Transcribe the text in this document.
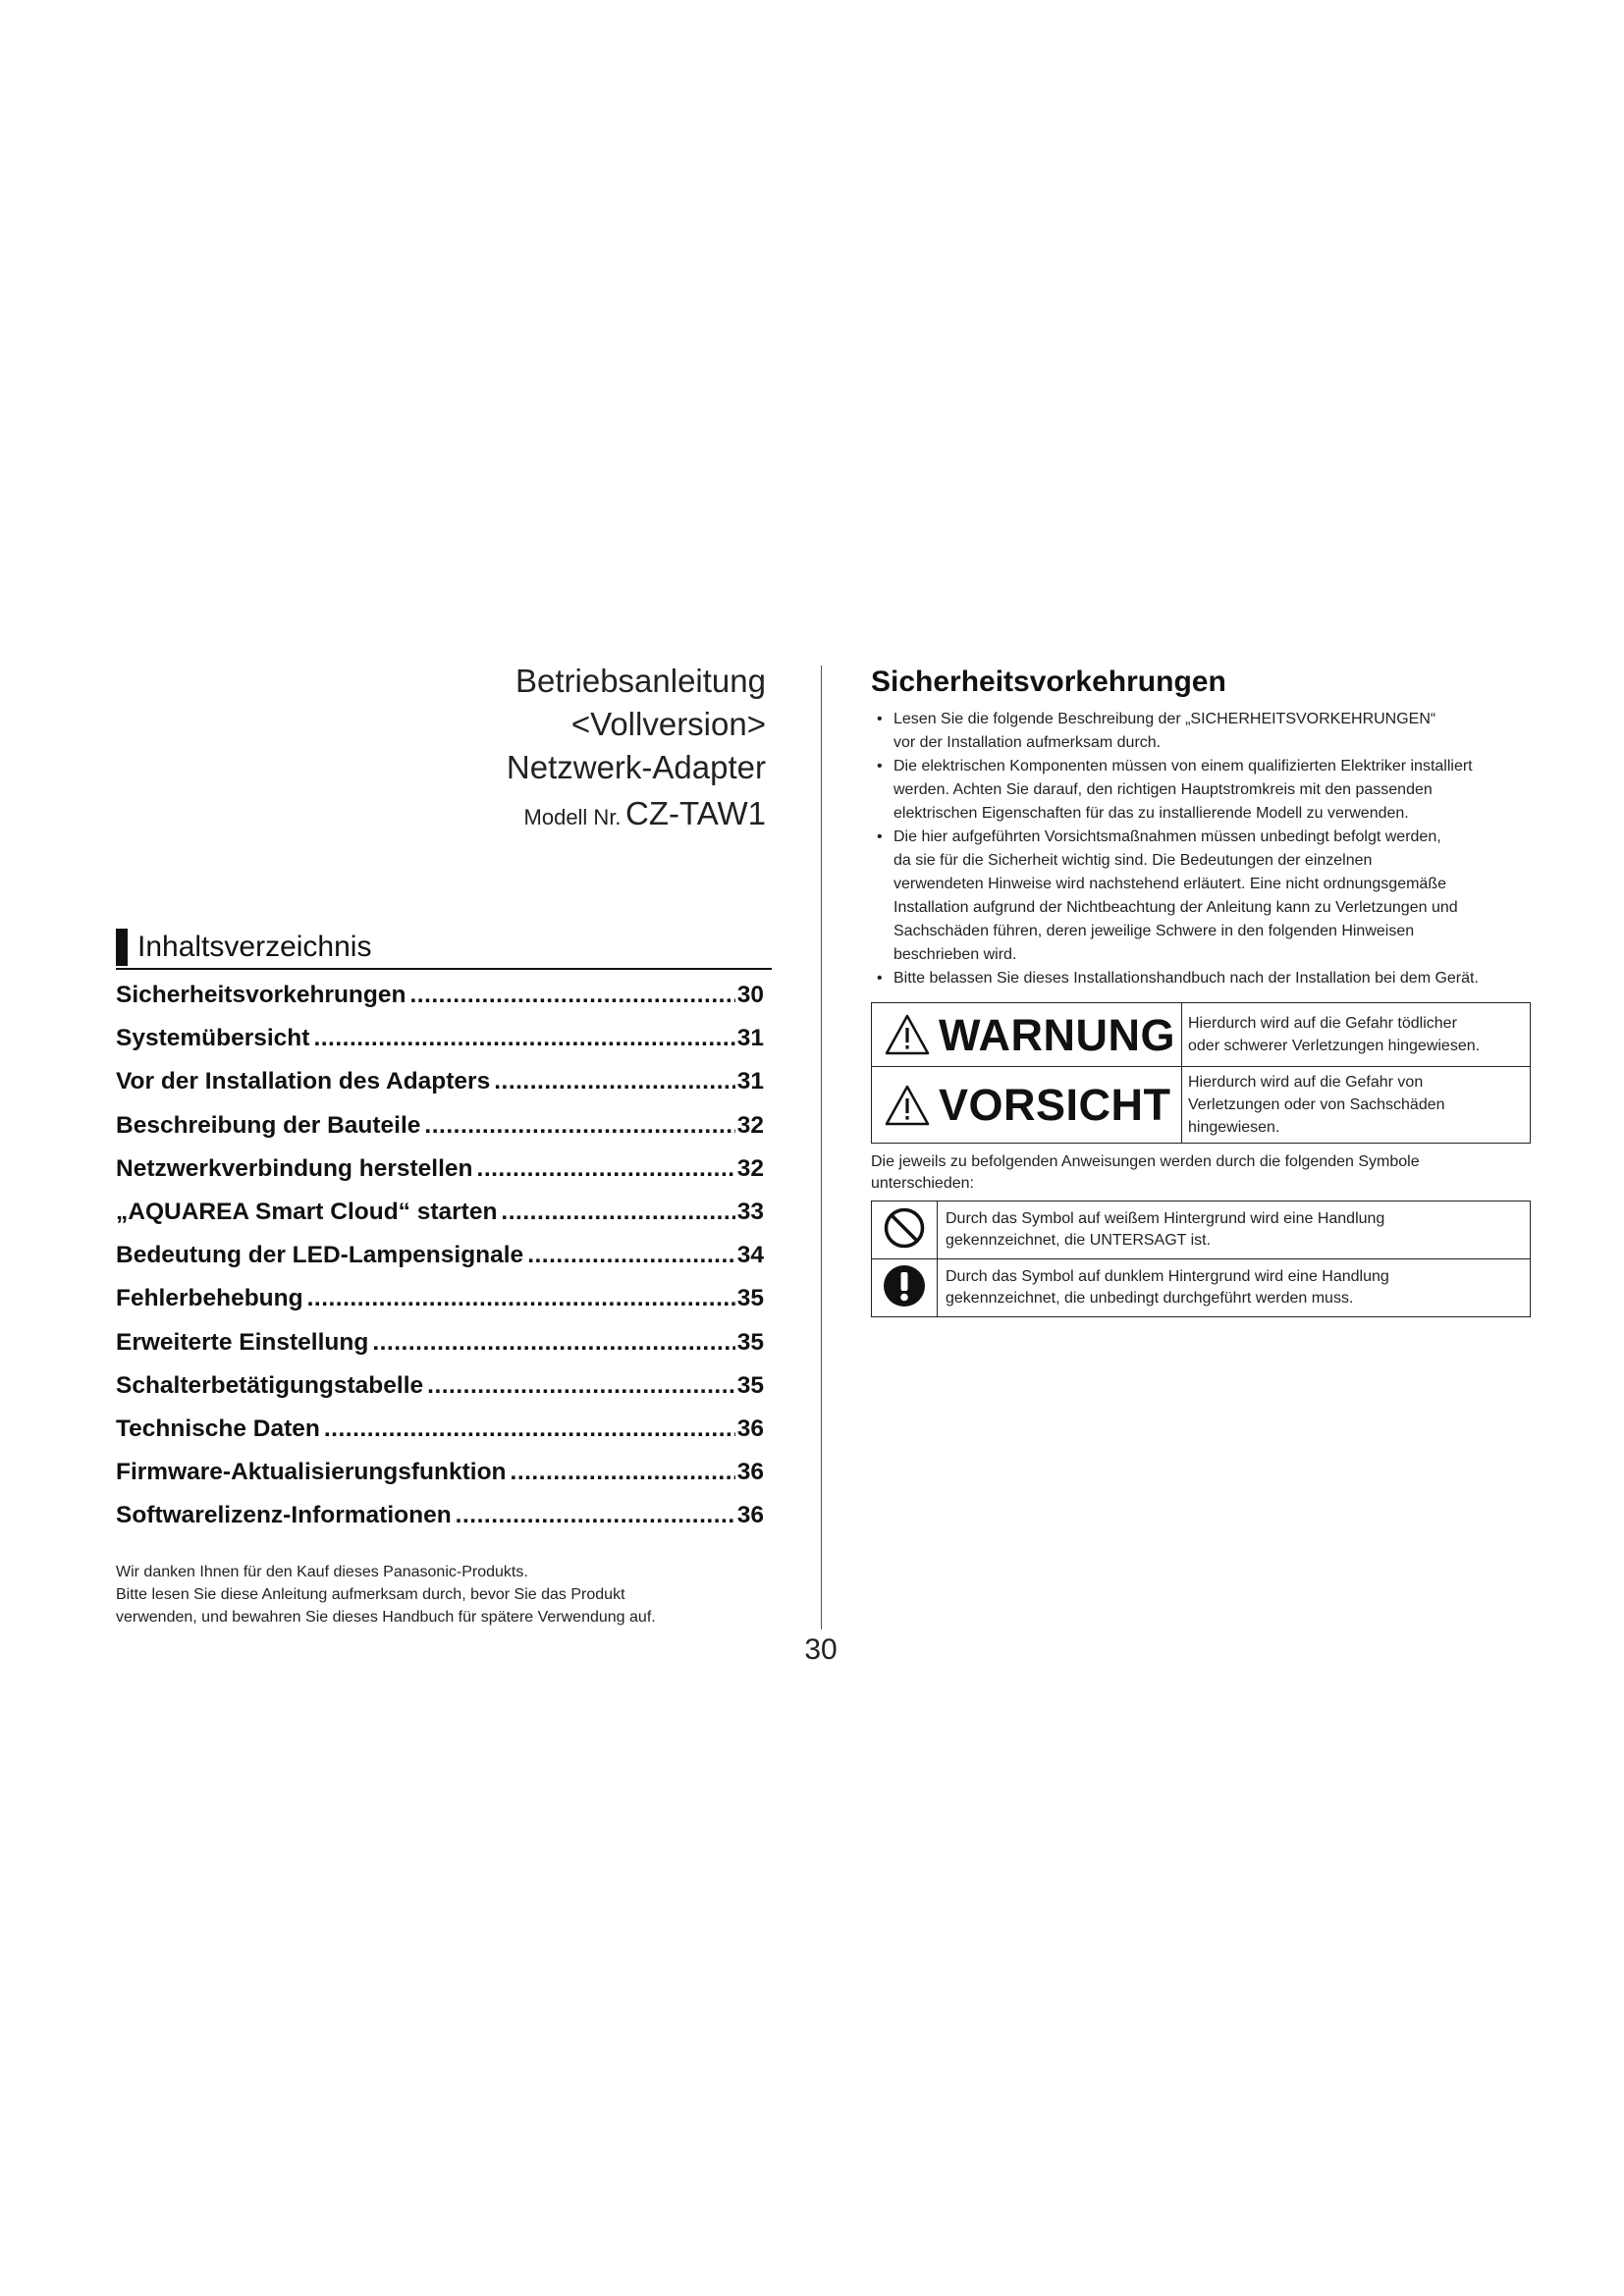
Betriebsanleitung
<Vollversion>
Netzwerk-Adapter
Modell Nr. CZ-TAW1
Inhaltsverzeichnis
Sicherheitsvorkehrungen .....	30
Systemübersicht .....	31
Vor der Installation des Adapters .....	31
Beschreibung der Bauteile .....	32
Netzwerkverbindung herstellen .....	32
„AQUAREA Smart Cloud“ starten .....	33
Bedeutung der LED-Lampensignale .....	34
Fehlerbehebung .....	35
Erweiterte Einstellung .....	35
Schalterbetätigungstabelle .....	35
Technische Daten .....	36
Firmware-Aktualisierungsfunktion .....	36
Softwarelizenz-Informationen .....	36

Wir danken Ihnen für den Kauf dieses Panasonic-Produkts.

Bitte lesen Sie diese Anleitung aufmerksam durch, bevor Sie das Produkt

verwenden, und bewahren Sie dieses Handbuch für spätere Verwendung auf.

30
Sicherheitsvorkehrungen
• Lesen Sie die folgende Beschreibung der „SICHERHEITSVORKEHRUNGEN“
vor der Installation aufmerksam durch.
• Die elektrischen Komponenten müssen von einem qualifizierten Elektriker installiert
werden. Achten Sie darauf, den richtigen Hauptstromkreis mit den passenden
elektrischen Eigenschaften für das zu installierende Modell zu verwenden.
• Die hier aufgeführten Vorsichtsmaßnahmen müssen unbedingt befolgt werden,
da sie für die Sicherheit wichtig sind. Die Bedeutungen der einzelnen
verwendeten Hinweise wird nachstehend erläutert. Eine nicht ordnungsgemäße
Installation aufgrund der Nichtbeachtung der Anleitung kann zu Verletzungen und
Sachschäden führen, deren jeweilige Schwere in den folgenden Hinweisen
beschrieben wird.
• Bitte belassen Sie dieses Installationshandbuch nach der Installation bei dem Gerät.
WARNUNG	Hierdurch wird auf die Gefahr tödlicher
oder schwerer Verletzungen hingewiesen.

VORSICHT	Hierdurch wird auf die Gefahr von
Verletzungen oder von Sachschäden
hingewiesen.
Die jeweils zu befolgenden Anweisungen werden durch die folgenden Symbole
unterschieden:

Durch das Symbol auf weißem Hintergrund wird eine Handlung
gekennzeichnet, die UNTERSAGT ist.

Durch das Symbol auf dunklem Hintergrund wird eine Handlung
gekennzeichnet, die unbedingt durchgeführt werden muss.
